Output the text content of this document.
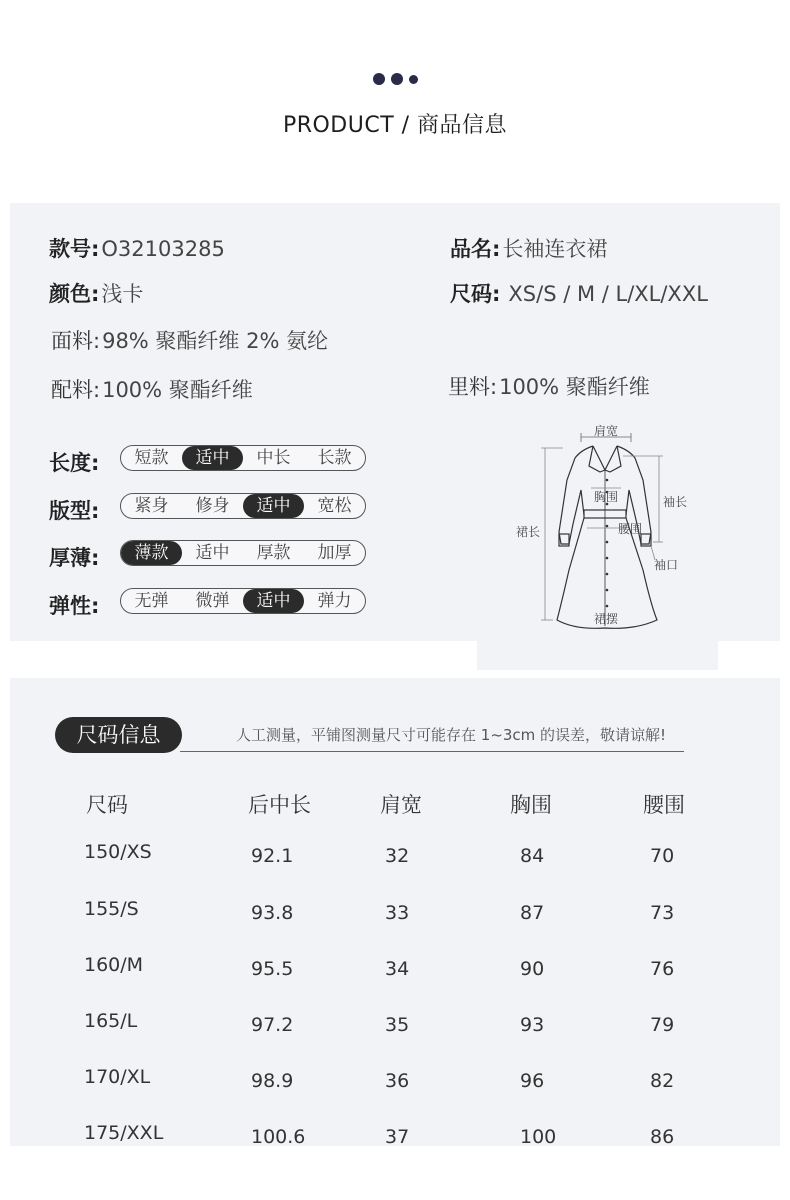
PRODUCT / 商品信息
款号:O32103285	品名:长袖连衣裙
颜色:浅卡	尺码: XS/S / M / L/XL/XXL
面料:98% 聚酯纤维 2% 氨纶
配料:100% 聚酯纤维	里料:100% 聚酯纤维
长度:	短款	适中	中长	长款
版型:	紧身	修身	适中	宽松
厚薄:	薄款	适中	厚款	加厚
弹性:	无弹	微弹	适中	弹力
肩宽
胸围	袖长
腰围
裙长
袖口
裙摆
尺码信息	人工测量，平铺图测量尺寸可能存在 1~3cm 的误差，敬请谅解!
尺码	后中长	肩宽	胸围	腰围
150/XS	92.1	32	84	70
155/S	93.8	33	87	73
160/M	95.5	34	90	76
165/L	97.2	35	93	79
170/XL	98.9	36	96	82
175/XXL	100.6	37	100	86
